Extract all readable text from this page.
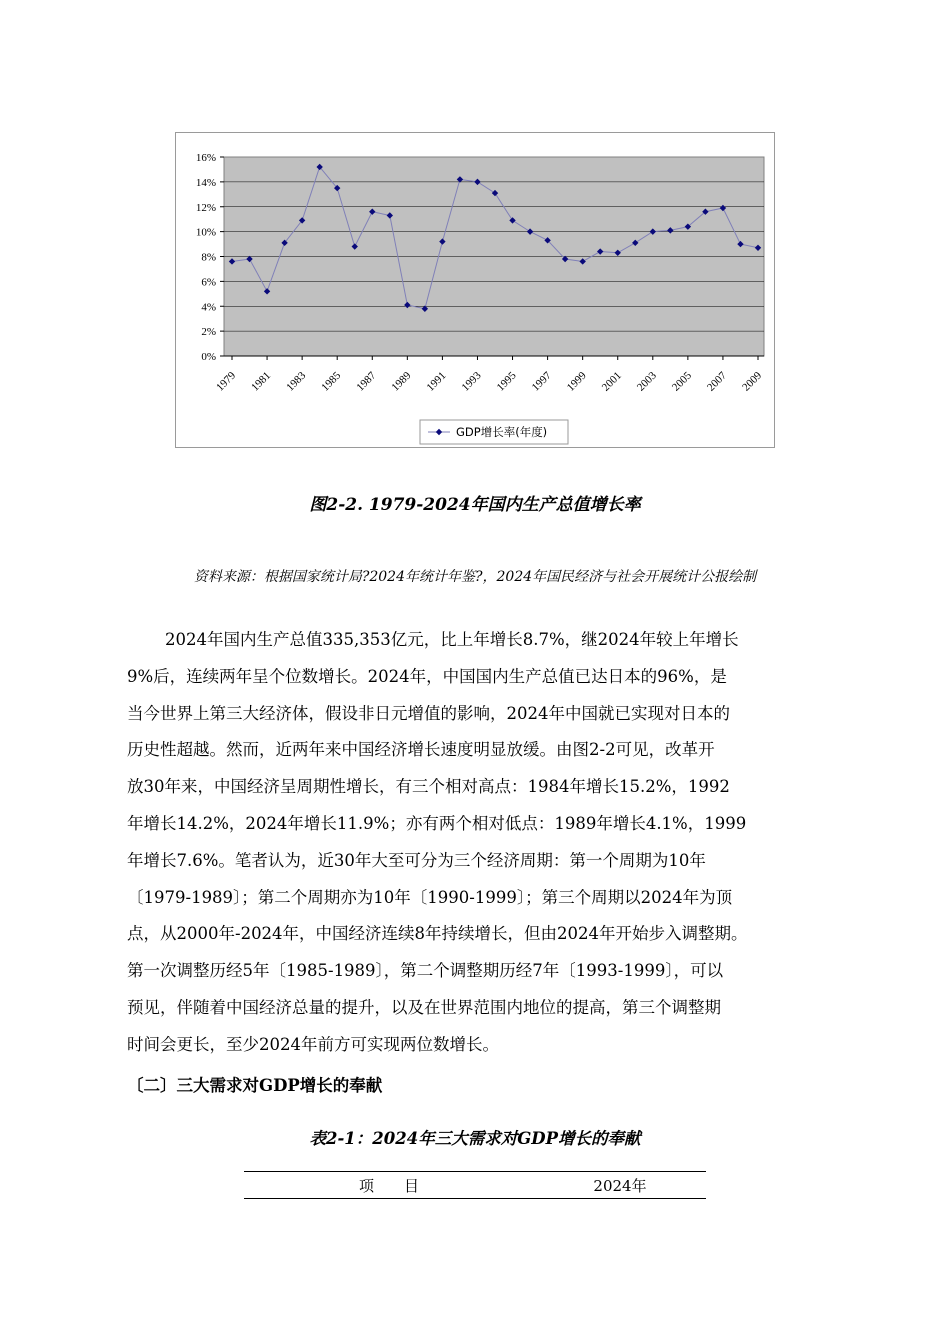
0%
2%
4%
6%
8%
10%
12%
14%
16%
1979 1981 1983 1985 1987 1989 1991 1993 1995 1997 1999 2001 2003 2005 2007 2009
GDP增长率(年度)
图2-2. 1979-2024年国内生产总值增长率
资料来源：根据国家统计局?2024年统计年鉴?，2024年国民经济与社会开展统计公报绘制
2024年国内生产总值335,353亿元，比上年增长8.7%，继2024年较上年增长
9%后，连续两年呈个位数增长。2024年，中国国内生产总值已达日本的96%，是
当今世界上第三大经济体，假设非日元增值的影响，2024年中国就已实现对日本的
历史性超越。然而，近两年来中国经济增长速度明显放缓。由图2-2可见，改革开
放30年来，中国经济呈周期性增长，有三个相对高点：1984年增长15.2%，1992
年增长14.2%，2024年增长11.9%；亦有两个相对低点：1989年增长4.1%，1999
年增长7.6%。笔者认为，近30年大至可分为三个经济周期：第一个周期为10年
〔1979-1989〕；第二个周期亦为10年〔1990-1999〕；第三个周期以2024年为顶
点，从2000年-2024年，中国经济连续8年持续增长，但由2024年开始步入调整期。
第一次调整历经5年〔1985-1989〕，第二个调整期历经7年〔1993-1999〕，可以
预见，伴随着中国经济总量的提升，以及在世界范围内地位的提高，第三个调整期
时间会更长，至少2024年前方可实现两位数增长。
〔二〕三大需求对GDP增长的奉献
表2-1：2024年三大需求对GDP增长的奉献
项　　目	2024年
